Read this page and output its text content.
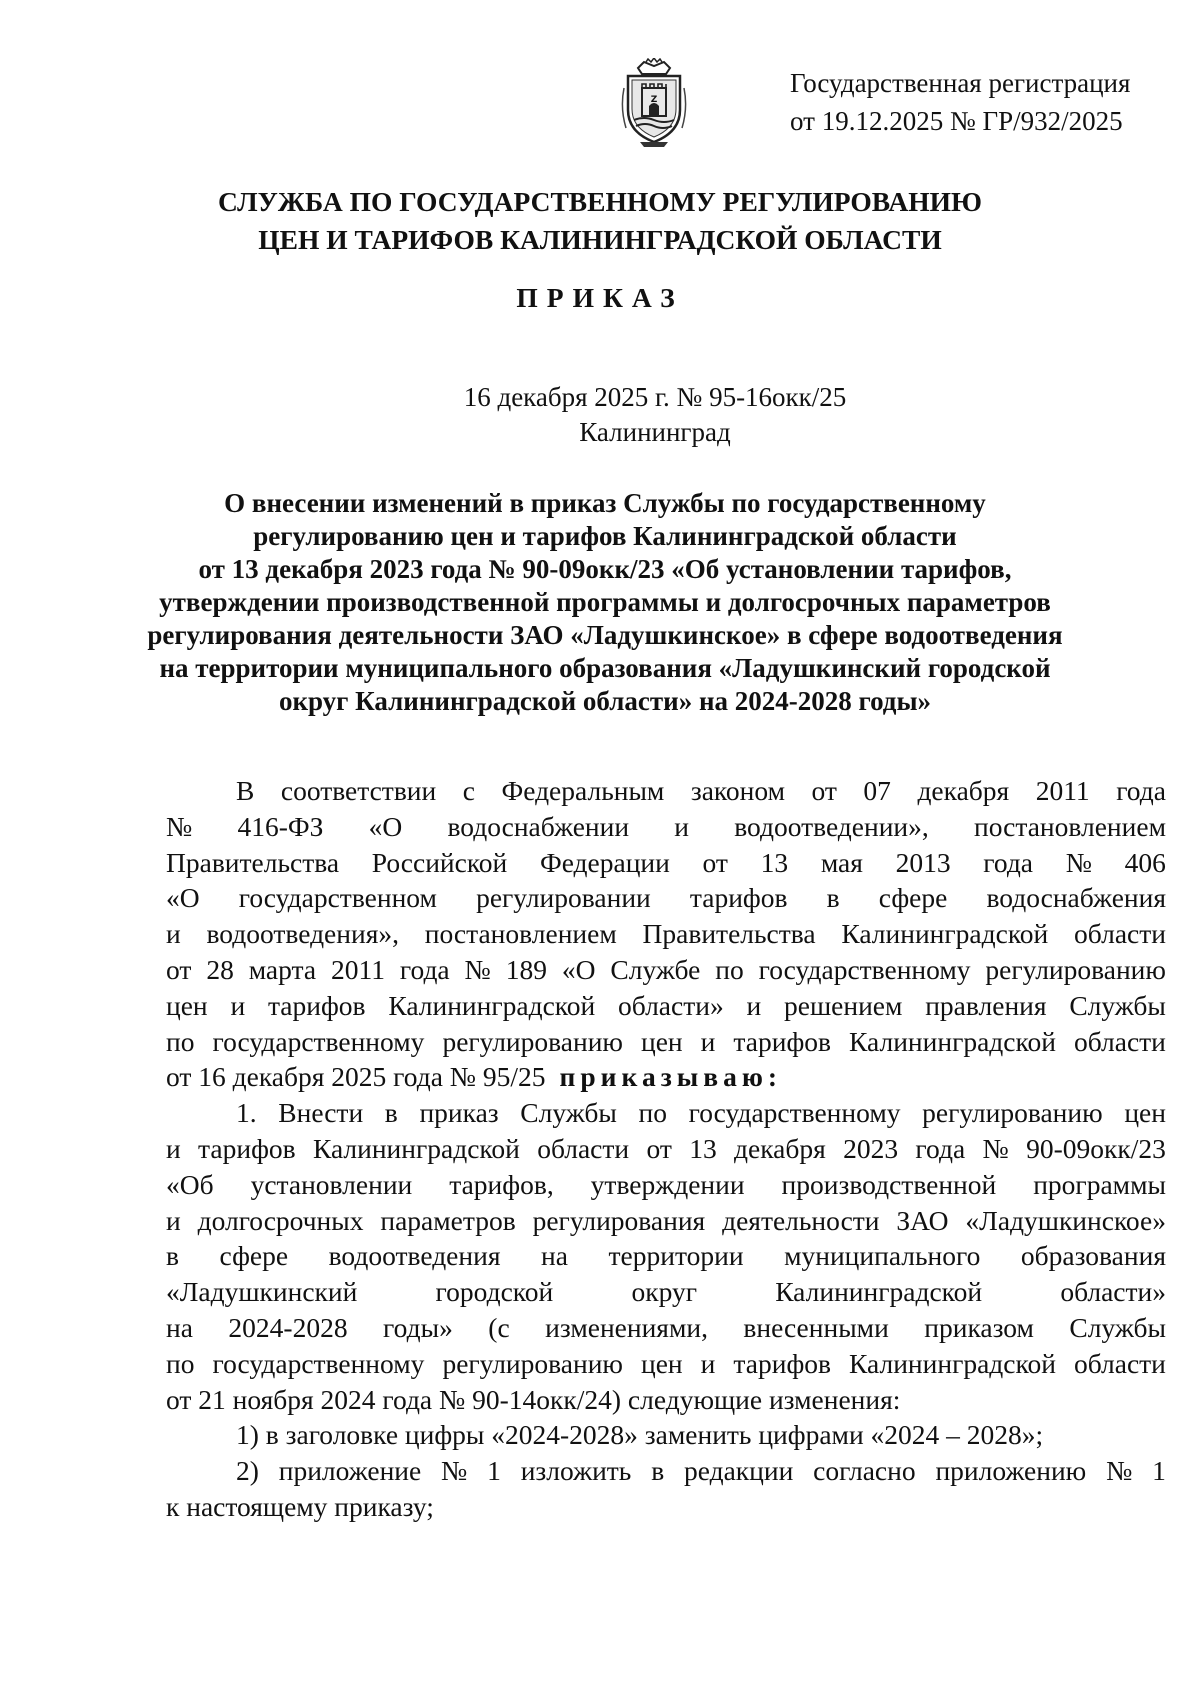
Z
Государственная регистрация
от 19.12.2025 № ГР/932/2025
СЛУЖБА ПО ГОСУДАРСТВЕННОМУ РЕГУЛИРОВАНИЮ
ЦЕН И ТАРИФОВ КАЛИНИНГРАДСКОЙ ОБЛАСТИ
ПРИКАЗ
16 декабря 2025 г. № 95-16окк/25
Калининград
О внесении изменений в приказ Службы по государственному
регулированию цен и тарифов Калининградской области
от 13 декабря 2023 года № 90-09окк/23 «Об установлении тарифов,
утверждении производственной программы и долгосрочных параметров
регулирования деятельности ЗАО «Ладушкинское» в сфере водоотведения
на территории муниципального образования «Ладушкинский городской
округ Калининградской области» на 2024-2028 годы»
В соответствии с Федеральным законом от 07 декабря 2011 года
№ 416-ФЗ «О водоснабжении и водоотведении», постановлением
Правительства Российской Федерации от 13 мая 2013 года № 406
«О государственном регулировании тарифов в сфере водоснабжения
и водоотведения», постановлением Правительства Калининградской области
от 28 марта 2011 года № 189 «О Службе по государственному регулированию
цен и тарифов Калининградской области» и решением правления Службы
по государственному регулированию цен и тарифов Калининградской области
от 16 декабря 2025 года № 95/25 приказываю:
1. Внести в приказ Службы по государственному регулированию цен
и тарифов Калининградской области от 13 декабря 2023 года № 90-09окк/23
«Об установлении тарифов, утверждении производственной программы
и долгосрочных параметров регулирования деятельности ЗАО «Ладушкинское»
в сфере водоотведения на территории муниципального образования
«Ладушкинский	городской	округ	Калининградской	области»
на 2024-2028 годы» (с изменениями, внесенными приказом Службы
по государственному регулированию цен и тарифов Калининградской области
от 21 ноября 2024 года № 90-14окк/24) следующие изменения:
1) в заголовке цифры «2024-2028» заменить цифрами «2024 – 2028»;
2) приложение № 1 изложить в редакции согласно приложению № 1
к настоящему приказу;
